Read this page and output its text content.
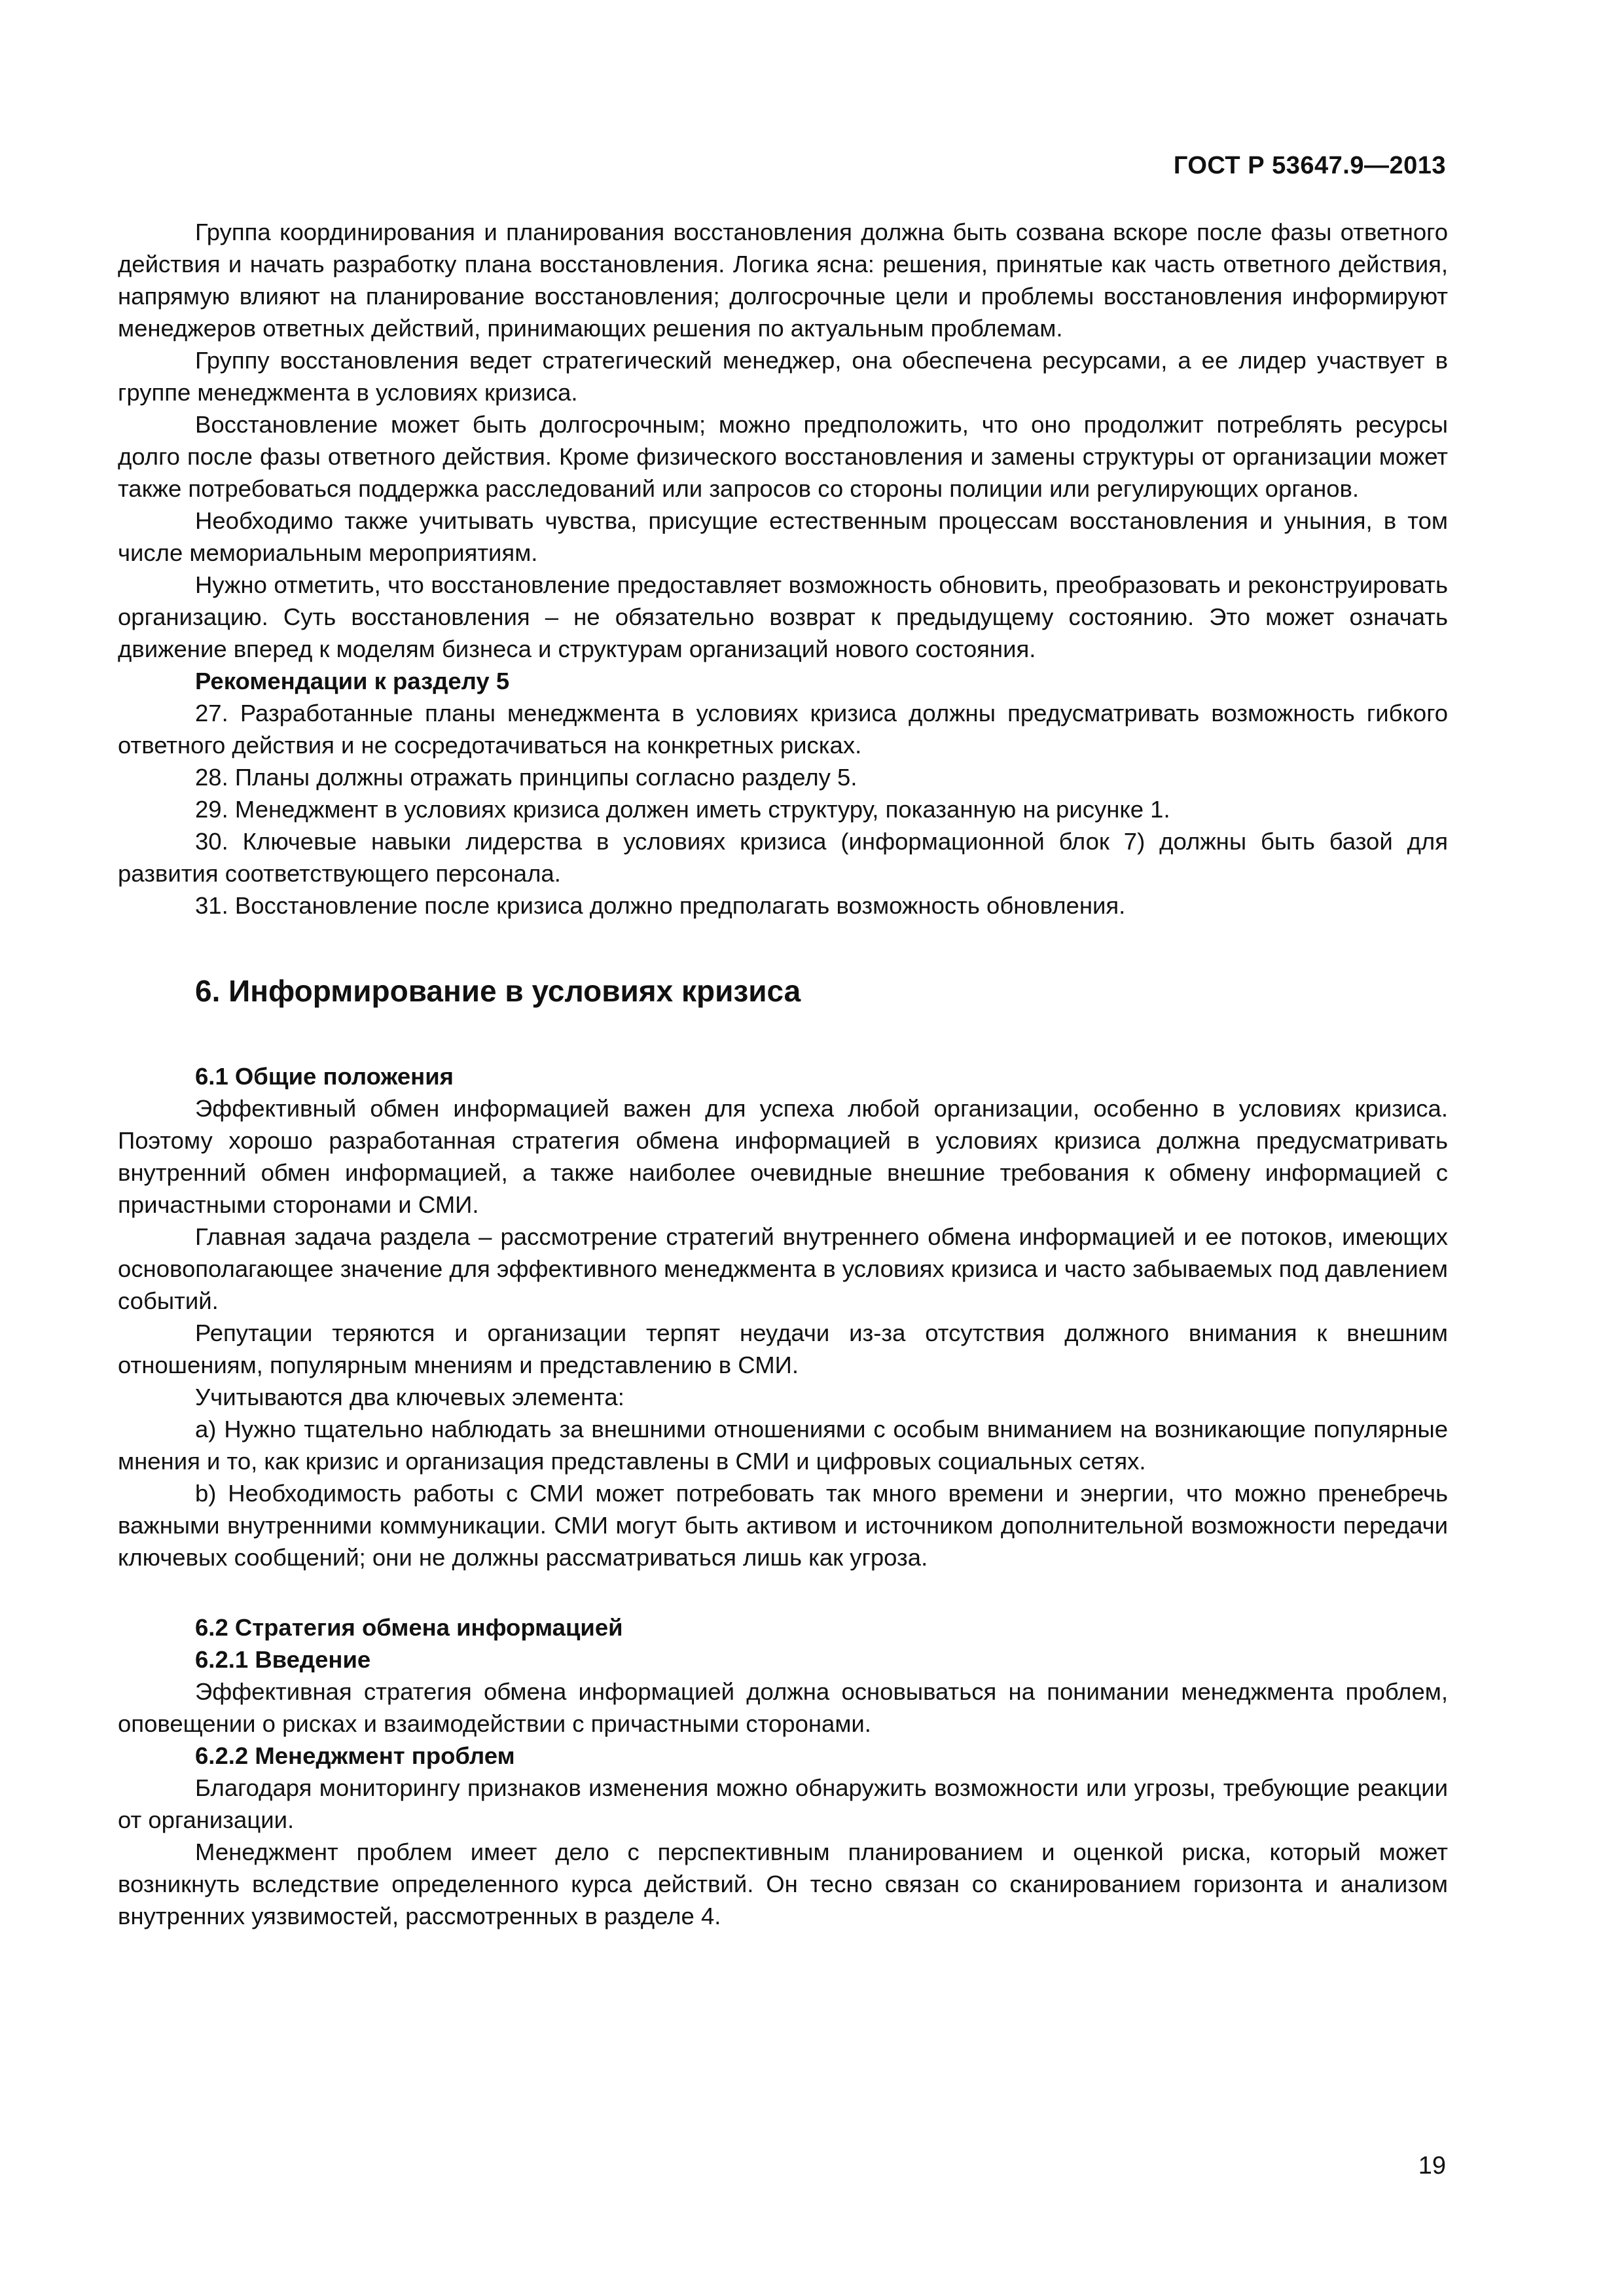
ГОСТ Р 53647.9—2013

Группа координирования и планирования восстановления должна быть созвана вскоре после фазы ответного действия и начать разработку плана восстановления. Логика ясна: решения, принятые как часть ответного действия, напрямую влияют на планирование восстановления; долгосрочные цели и проблемы восстановления информируют менеджеров ответных действий, принимающих решения по актуальным проблемам.

Группу восстановления ведет стратегический менеджер, она обеспечена ресурсами, а ее лидер участвует в группе менеджмента в условиях кризиса.

Восстановление может быть долгосрочным; можно предположить, что оно продолжит потреблять ресурсы долго после фазы ответного действия. Кроме физического восстановления и замены структуры от организации может также потребоваться поддержка расследований или запросов со стороны полиции или регулирующих органов.

Необходимо также учитывать чувства, присущие естественным процессам восстановления и уныния, в том числе мемориальным мероприятиям.

Нужно отметить, что восстановление предоставляет возможность обновить, преобразовать и реконструировать организацию. Суть восстановления – не обязательно возврат к предыдущему состоянию. Это может означать движение вперед к моделям бизнеса и структурам организаций нового состояния.

Рекомендации к разделу 5

27. Разработанные планы менеджмента в условиях кризиса должны предусматривать возможность гибкого ответного действия и не сосредотачиваться на конкретных рисках.

28. Планы должны отражать принципы согласно разделу 5.

29. Менеджмент в условиях кризиса должен иметь структуру, показанную на рисунке 1.

30. Ключевые навыки лидерства в условиях кризиса (информационной блок 7) должны быть базой для развития соответствующего персонала.

31. Восстановление после кризиса должно предполагать возможность обновления.

6. Информирование в условиях кризиса

6.1 Общие положения

Эффективный обмен информацией важен для успеха любой организации, особенно в условиях кризиса. Поэтому хорошо разработанная стратегия обмена информацией в условиях кризиса должна предусматривать внутренний обмен информацией, а также наиболее очевидные внешние требования к обмену информацией с причастными сторонами и СМИ.

Главная задача раздела – рассмотрение стратегий внутреннего обмена информацией и ее потоков, имеющих основополагающее значение для эффективного менеджмента в условиях кризиса и часто забываемых под давлением событий.

Репутации теряются и организации терпят неудачи из-за отсутствия должного внимания к внешним отношениям, популярным мнениям и представлению в СМИ.

Учитываются два ключевых элемента:

а) Нужно тщательно наблюдать за внешними отношениями с особым вниманием на возникающие популярные мнения и то, как кризис и организация представлены в СМИ и цифровых социальных сетях.

b) Необходимость работы с СМИ может потребовать так много времени и энергии, что можно пренебречь важными внутренними коммуникации. СМИ могут быть активом и источником дополнительной возможности передачи ключевых сообщений; они не должны рассматриваться лишь как угроза.

6.2 Стратегия обмена информацией

6.2.1 Введение

Эффективная стратегия обмена информацией должна основываться на понимании менеджмента проблем, оповещении о рисках и взаимодействии с причастными сторонами.

6.2.2 Менеджмент проблем

Благодаря мониторингу признаков изменения можно обнаружить возможности или угрозы, требующие реакции от организации.

Менеджмент проблем имеет дело с перспективным планированием и оценкой риска, который может возникнуть вследствие определенного курса действий. Он тесно связан со сканированием горизонта и анализом внутренних уязвимостей, рассмотренных в разделе 4.

19
